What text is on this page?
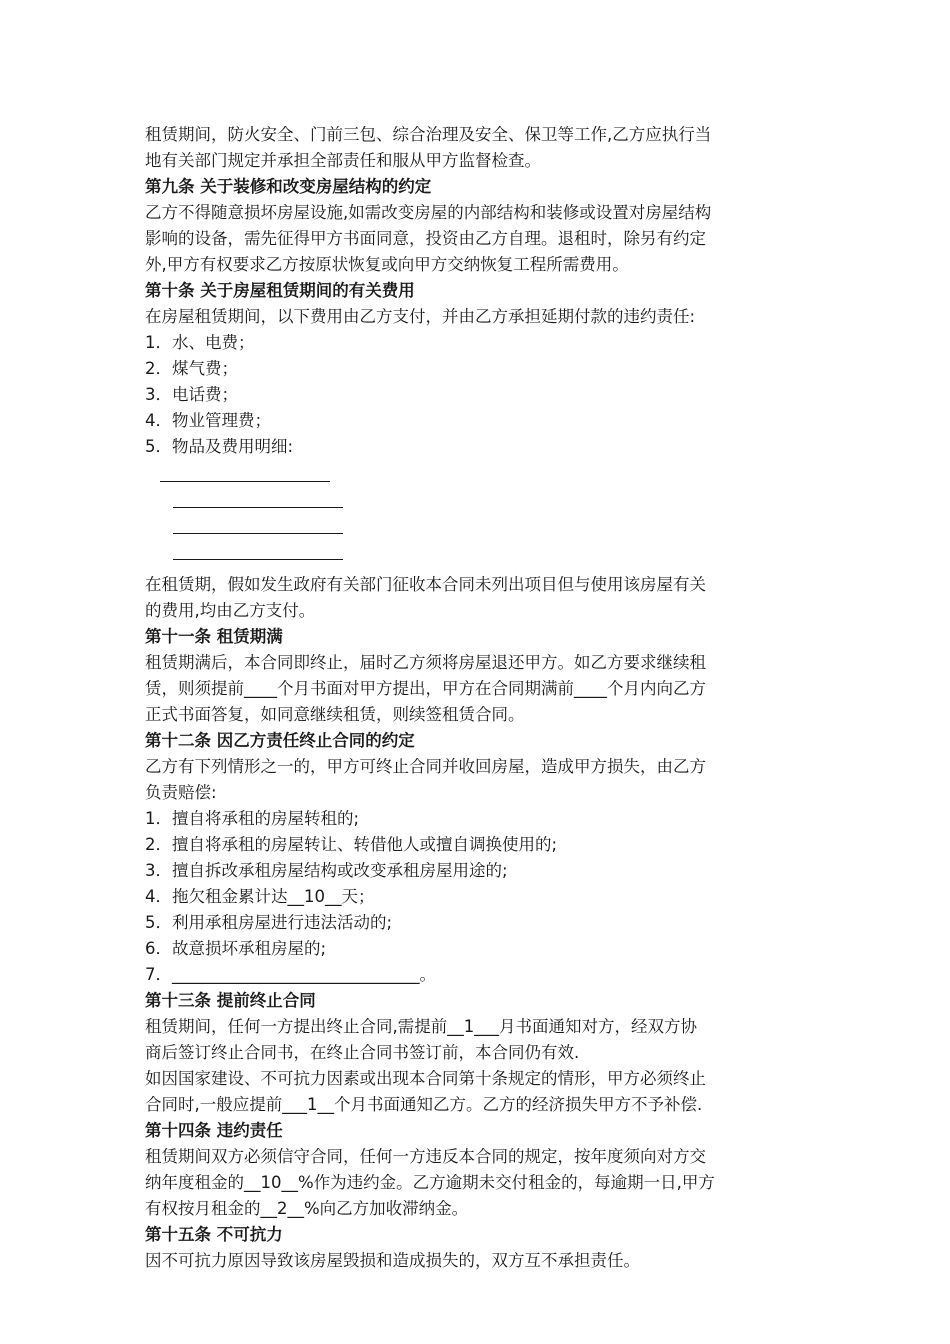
租赁期间，防火安全、门前三包、综合治理及安全、保卫等工作,乙方应执行当

地有关部门规定并承担全部责任和服从甲方监督检查。

第九条 关于装修和改变房屋结构的约定

乙方不得随意损坏房屋设施,如需改变房屋的内部结构和装修或设置对房屋结构

影响的设备，需先征得甲方书面同意，投资由乙方自理。退租时，除另有约定

外,甲方有权要求乙方按原状恢复或向甲方交纳恢复工程所需费用。

第十条 关于房屋租赁期间的有关费用

在房屋租赁期间，以下费用由乙方支付，并由乙方承担延期付款的违约责任:

1．水、电费；

2．煤气费；

3．电话费；

4．物业管理费；

5．物品及费用明细:

在租赁期，假如发生政府有关部门征收本合同未列出项目但与使用该房屋有关

的费用,均由乙方支付。

第十一条 租赁期满

租赁期满后，本合同即终止，届时乙方须将房屋退还甲方。如乙方要求继续租

赁，则须提前____个月书面对甲方提出，甲方在合同期满前____个月内向乙方

正式书面答复，如同意继续租赁，则续签租赁合同。

第十二条 因乙方责任终止合同的约定

乙方有下列情形之一的，甲方可终止合同并收回房屋，造成甲方损失，由乙方

负责赔偿:

1．擅自将承租的房屋转租的;

2．擅自将承租的房屋转让、转借他人或擅自调换使用的;

3．擅自拆改承租房屋结构或改变承租房屋用途的;

4．拖欠租金累计达__10__天；

5．利用承租房屋进行违法活动的;

6．故意损坏承租房屋的;

7．______________________________。

第十三条 提前终止合同

租赁期间，任何一方提出终止合同,需提前__1___月书面通知对方，经双方协

商后签订终止合同书，在终止合同书签订前，本合同仍有效.

如因国家建设、不可抗力因素或出现本合同第十条规定的情形，甲方必须终止

合同时,一般应提前___1__个月书面通知乙方。乙方的经济损失甲方不予补偿.

第十四条 违约责任

租赁期间双方必须信守合同，任何一方违反本合同的规定，按年度须向对方交

纳年度租金的__10__%作为违约金。乙方逾期未交付租金的，每逾期一日,甲方

有权按月租金的__2__%向乙方加收滞纳金。

第十五条 不可抗力

因不可抗力原因导致该房屋毁损和造成损失的，双方互不承担责任。
